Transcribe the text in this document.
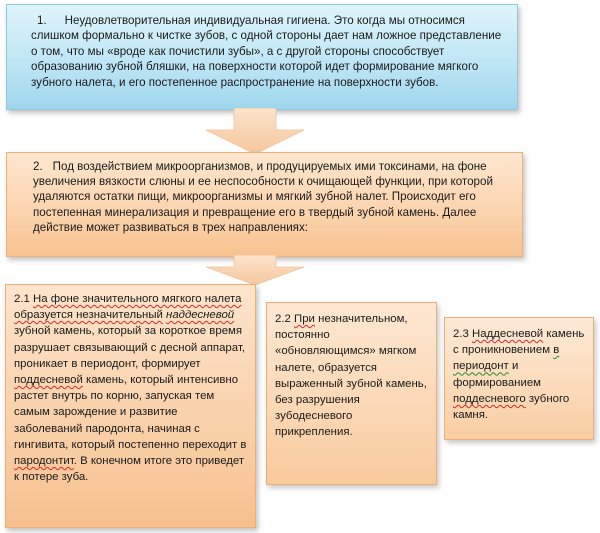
1. Неудовлетворительная индивидуальная гигиена. Это когда мы относимся слишком формально к чистке зубов, с одной стороны дает нам ложное представление о том, что мы «вроде как почистили зубы», а с другой стороны способствует образованию зубной бляшки, на поверхности которой идет формирование мягкого зубного налета, и его постепенное распространение на поверхности зубов.
2. Под воздействием микроорганизмов, и продуцируемых ими токсинами, на фоне увеличения вязкости слюны и ее неспособности к очищающей функции, при которой удаляются остатки пищи, микроорганизмы и мягкий зубной налет. Происходит его постепенная минерализация и превращение его в твердый зубной камень. Далее действие может развиваться в трех направлениях:
2.1 На фоне значительного мягкого налета образуется незначительный наддесневой зубной камень, который за короткое время разрушает связывающий с десной аппарат, проникает в периодонт, формирует поддесневой камень, который интенсивно растет внутрь по корню, запуская тем самым зарождение и развитие заболеваний пародонта, начиная с гингивита, который постепенно переходит в пародонтит. В конечном итоге это приведет к потере зуба.
2.2 При незначительном, постоянно «обновляющимся» мягком налете, образуется выраженный зубной камень, без разрушения зубодесневого прикрепления.
2.3 Наддесневой камень с проникновением в периодонт и формированием поддесневого зубного камня.
